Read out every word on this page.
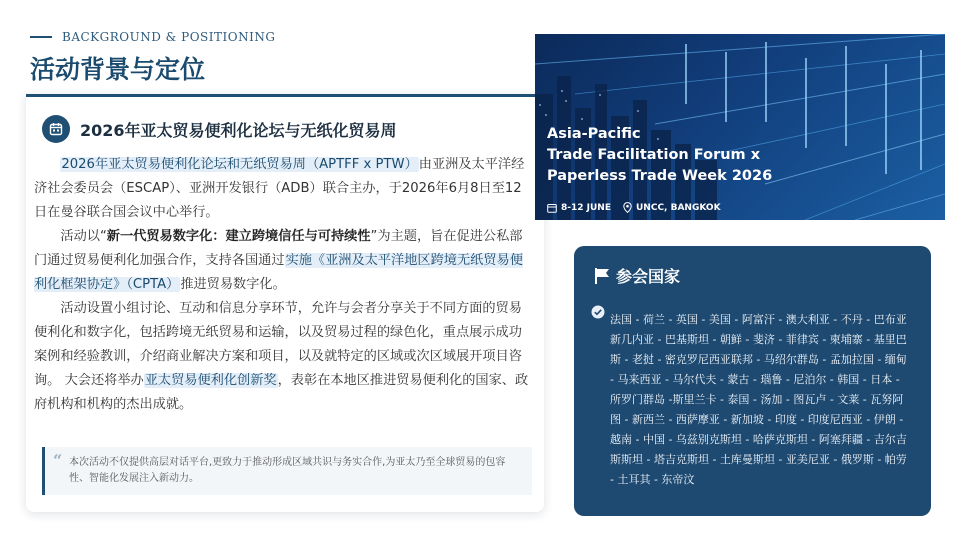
BACKGROUND & POSITIONING
活动背景与定位
2026年亚太贸易便利化论坛与无纸化贸易周

2026年亚太贸易便利化论坛和无纸贸易周（APTFF x PTW）由亚洲及太平洋经济社会委员会（ESCAP）、亚洲开发银行（ADB）联合主办，于2026年6月8日至12日在曼谷联合国会议中心举行。

活动以“新一代贸易数字化：建立跨境信任与可持续性”为主题，旨在促进公私部门通过贸易便利化加强合作，支持各国通过实施《亚洲及太平洋地区跨境无纸贸易便利化框架协定》（CPTA）推进贸易数字化。

活动设置小组讨论、互动和信息分享环节，允许与会者分享关于不同方面的贸易便利化和数字化，包括跨境无纸贸易和运输，以及贸易过程的绿色化，重点展示成功案例和经验教训，介绍商业解决方案和项目，以及就特定的区域或次区域展开项目咨询。 大会还将举办亚太贸易便利化创新奖，表彰在本地区推进贸易便利化的国家、政府机构和机构的杰出成就。

“ 本次活动不仅提供高层对话平台,更致力于推动形成区域共识与务实合作,为亚太乃至全球贸易的包容性、智能化发展注入新动力。
Asia-Pacific
Trade Facilitation Forum x
Paperless Trade Week 2026
8-12 JUNE	UNCC, BANGKOK
参会国家
法国 - 荷兰 - 英国 - 美国 - 阿富汗 - 澳大利亚 - 不丹 - 巴布亚新几内亚 - 巴基斯坦 - 朝鲜 - 斐济 - 菲律宾 - 柬埔寨 - 基里巴斯 - 老挝 - 密克罗尼西亚联邦 - 马绍尔群岛 - 孟加拉国 - 缅甸 - 马来西亚 - 马尔代夫 - 蒙古 - 瑙鲁 - 尼泊尔 - 韩国 - 日本 - 所罗门群岛 -斯里兰卡 - 泰国 - 汤加 - 图瓦卢 - 文莱 - 瓦努阿图 - 新西兰 - 西萨摩亚 - 新加坡 - 印度 - 印度尼西亚 - 伊朗 - 越南 - 中国 - 乌兹别克斯坦 - 哈萨克斯坦 - 阿塞拜疆 - 吉尔吉斯斯坦 - 塔吉克斯坦 - 土库曼斯坦 - 亚美尼亚 - 俄罗斯 - 帕劳 - 土耳其 - 东帝汶
